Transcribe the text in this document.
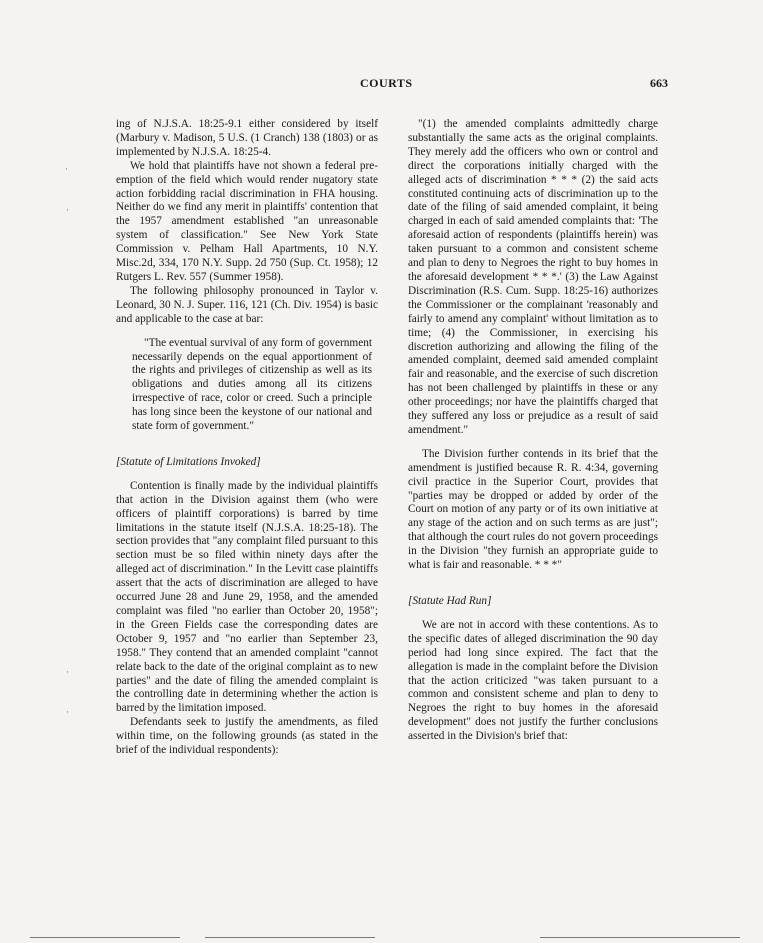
COURTS	663

ing of N.J.S.A. 18:25-9.1 either considered by itself (Marbury v. Madison, 5 U.S. (1 Cranch) 138 (1803) or as implemented by N.J.S.A. 18:25-4.

We hold that plaintiffs have not shown a federal pre-emption of the field which would render nugatory state action forbidding racial discrimination in FHA housing. Neither do we find any merit in plaintiffs' contention that the 1957 amendment established "an unreasonable system of classification." See New York State Commission v. Pelham Hall Apartments, 10 N.Y. Misc.2d, 334, 170 N.Y. Supp. 2d 750 (Sup. Ct. 1958); 12 Rutgers L. Rev. 557 (Summer 1958).

The following philosophy pronounced in Taylor v. Leonard, 30 N. J. Super. 116, 121 (Ch. Div. 1954) is basic and applicable to the case at bar:

"The eventual survival of any form of government necessarily depends on the equal apportionment of the rights and privileges of citizenship as well as its obligations and duties among all its citizens irrespective of race, color or creed. Such a principle has long since been the keystone of our national and state form of government."

[Statute of Limitations Invoked]

Contention is finally made by the individual plaintiffs that action in the Division against them (who were officers of plaintiff corporations) is barred by time limitations in the statute itself (N.J.S.A. 18:25-18). The section provides that "any complaint filed pursuant to this section must be so filed within ninety days after the alleged act of discrimination." In the Levitt case plaintiffs assert that the acts of discrimination are alleged to have occurred June 28 and June 29, 1958, and the amended complaint was filed "no earlier than October 20, 1958"; in the Green Fields case the corresponding dates are October 9, 1957 and "no earlier than September 23, 1958." They contend that an amended complaint "cannot relate back to the date of the original complaint as to new parties" and the date of filing the amended complaint is the controlling date in determining whether the action is barred by the limitation imposed.

Defendants seek to justify the amendments, as filed within time, on the following grounds (as stated in the brief of the individual respondents):

"(1) the amended complaints admittedly charge substantially the same acts as the original complaints. They merely add the officers who own or control and direct the corporations initially charged with the alleged acts of discrimination * * * (2) the said acts constituted continuing acts of discrimination up to the date of the filing of said amended complaint, it being charged in each of said amended complaints that: 'The aforesaid action of respondents (plaintiffs herein) was taken pursuant to a common and consistent scheme and plan to deny to Negroes the right to buy homes in the aforesaid development * * *.' (3) the Law Against Discrimination (R.S. Cum. Supp. 18:25-16) authorizes the Commissioner or the complainant 'reasonably and fairly to amend any complaint' without limitation as to time; (4) the Commissioner, in exercising his discretion authorizing and allowing the filing of the amended complaint, deemed said amended complaint fair and reasonable, and the exercise of such discretion has not been challenged by plaintiffs in these or any other proceedings; nor have the plaintiffs charged that they suffered any loss or prejudice as a result of said amendment."

The Division further contends in its brief that the amendment is justified because R. R. 4:34, governing civil practice in the Superior Court, provides that "parties may be dropped or added by order of the Court on motion of any party or of its own initiative at any stage of the action and on such terms as are just"; that although the court rules do not govern proceedings in the Division "they furnish an appropriate guide to what is fair and reasonable. * * *"

[Statute Had Run]

We are not in accord with these contentions. As to the specific dates of alleged discrimination the 90 day period had long since expired. The fact that the allegation is made in the complaint before the Division that the action criticized "was taken pursuant to a common and consistent scheme and plan to deny to Negroes the right to buy homes in the aforesaid development" does not justify the further conclusions asserted in the Division's brief that:

·
·
·
·
